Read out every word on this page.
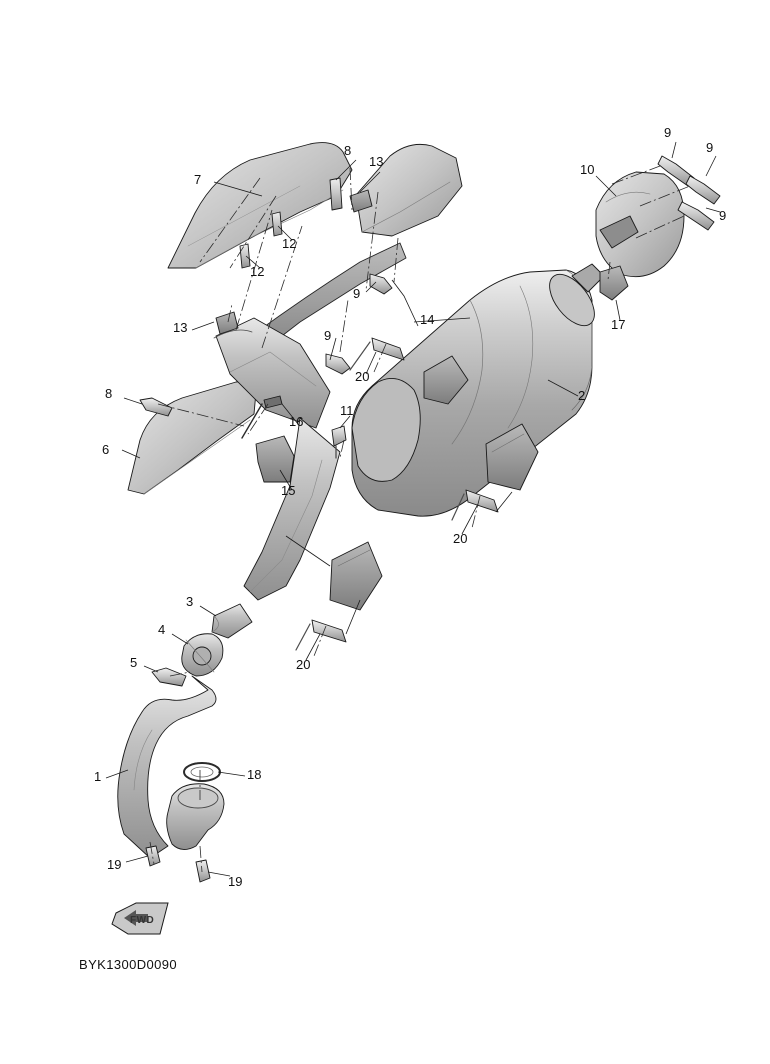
1
2
3
4
5
6
7
8
8
9
9
9
9
9
10
11
12
12
13
13
14
15
16
17
18
19
19
20
20
20
FWD
BYK1300D0090
